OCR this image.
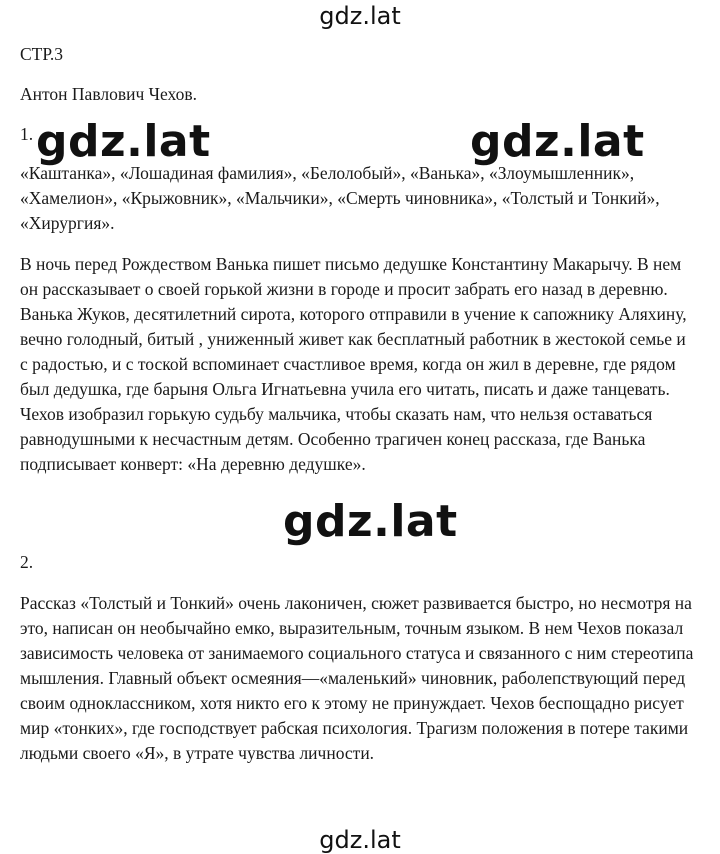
СТР.3

Антон Павлович Чехов.

1.

«Каштанка», «Лошадиная фамилия», «Белолобый», «Ванька», «Злоумышленник», «Хамелион», «Крыжовник», «Мальчики», «Смерть чиновника», «Толстый и Тонкий», «Хирургия».

В ночь перед Рождеством Ванька пишет письмо дедушке Константину Макарычу. В нем он рассказывает о своей горькой жизни в городе и просит забрать его назад в деревню. Ванька Жуков, десятилетний сирота, которого отправили в учение к сапожнику Аляхину, вечно голодный, битый , униженный живет как бесплатный работник в жестокой семье и с радостью, и с тоской вспоминает счастливое время, когда он жил в деревне, где рядом был дедушка, где барыня Ольга Игнатьевна учила его читать, писать и даже танцевать. Чехов изобразил горькую судьбу мальчика, чтобы сказать нам, что нельзя оставаться равнодушными к несчастным детям. Особенно трагичен конец рассказа, где Ванька подписывает конверт: «На деревню дедушке».

2.

Рассказ «Толстый и Тонкий» очень лаконичен, сюжет развивается быстро, но несмотря на это, написан он необычайно емко, выразительным, точным языком. В нем Чехов показал зависимость человека от занимаемого социального статуса и связанного с ним стереотипа мышления. Главный объект осмеяния—«маленький» чиновник, раболепствующий перед своим одноклассником, хотя никто его к этому не принуждает. Чехов беспощадно рисует мир «тонких», где господствует рабская психология. Трагизм положения в потере такими людьми своего «Я», в утрате чувства личности.

gdz.lat
gdz.lat	gdz.lat
gdz.lat
gdz.lat
